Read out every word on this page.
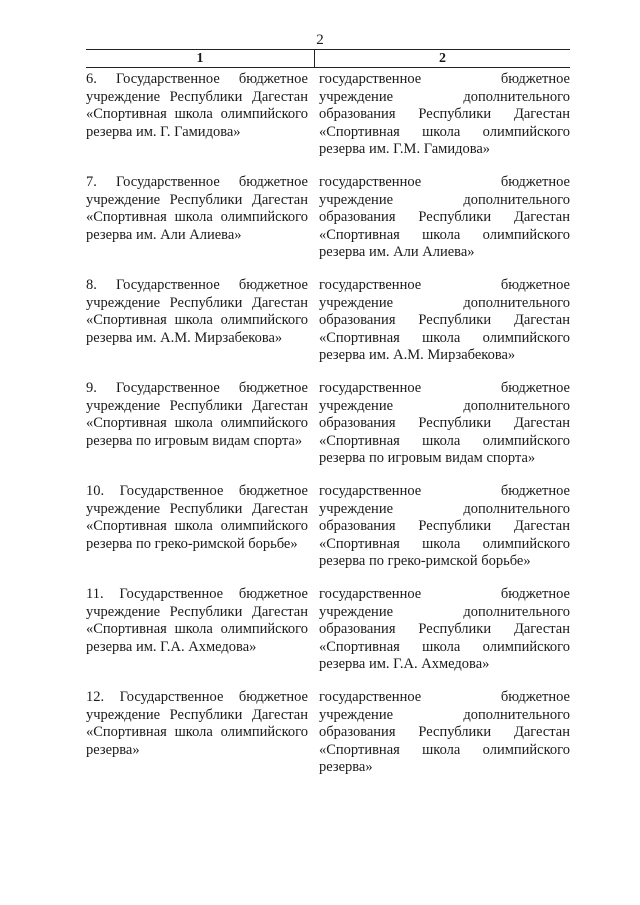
2
1	2
6. Государственное бюджетное учреждение Республики Дагестан «Спортивная школа олимпийского резерва им. Г. Гамидова»
государственное бюджетное учреждение дополнительного образования Республики Дагестан «Спортивная школа олимпийского резерва им. Г.М. Гамидова»
7. Государственное бюджетное учреждение Республики Дагестан «Спортивная школа олимпийского резерва им. Али Алиева»
государственное бюджетное учреждение дополнительного образования Республики Дагестан «Спортивная школа олимпийского резерва им. Али Алиева»
8. Государственное бюджетное учреждение Республики Дагестан «Спортивная школа олимпийского резерва им. А.М. Мирзабекова»
государственное бюджетное учреждение дополнительного образования Республики Дагестан «Спортивная школа олимпийского резерва им. А.М. Мирзабекова»
9. Государственное бюджетное учреждение Республики Дагестан «Спортивная школа олимпийского резерва по игровым видам спорта»
государственное бюджетное учреждение дополнительного образования Республики Дагестан «Спортивная школа олимпийского резерва по игровым видам спорта»
10. Государственное бюджетное учреждение Республики Дагестан «Спортивная школа олимпийского резерва по греко-римской борьбе»
государственное бюджетное учреждение дополнительного образования Республики Дагестан «Спортивная школа олимпийского резерва по греко-римской борьбе»
11. Государственное бюджетное учреждение Республики Дагестан «Спортивная школа олимпийского резерва им. Г.А. Ахмедова»
государственное бюджетное учреждение дополнительного образования Республики Дагестан «Спортивная школа олимпийского резерва им. Г.А. Ахмедова»
12. Государственное бюджетное учреждение Республики Дагестан «Спортивная школа олимпийского резерва»
государственное бюджетное учреждение дополнительного образования Республики Дагестан «Спортивная школа олимпийского резерва»
